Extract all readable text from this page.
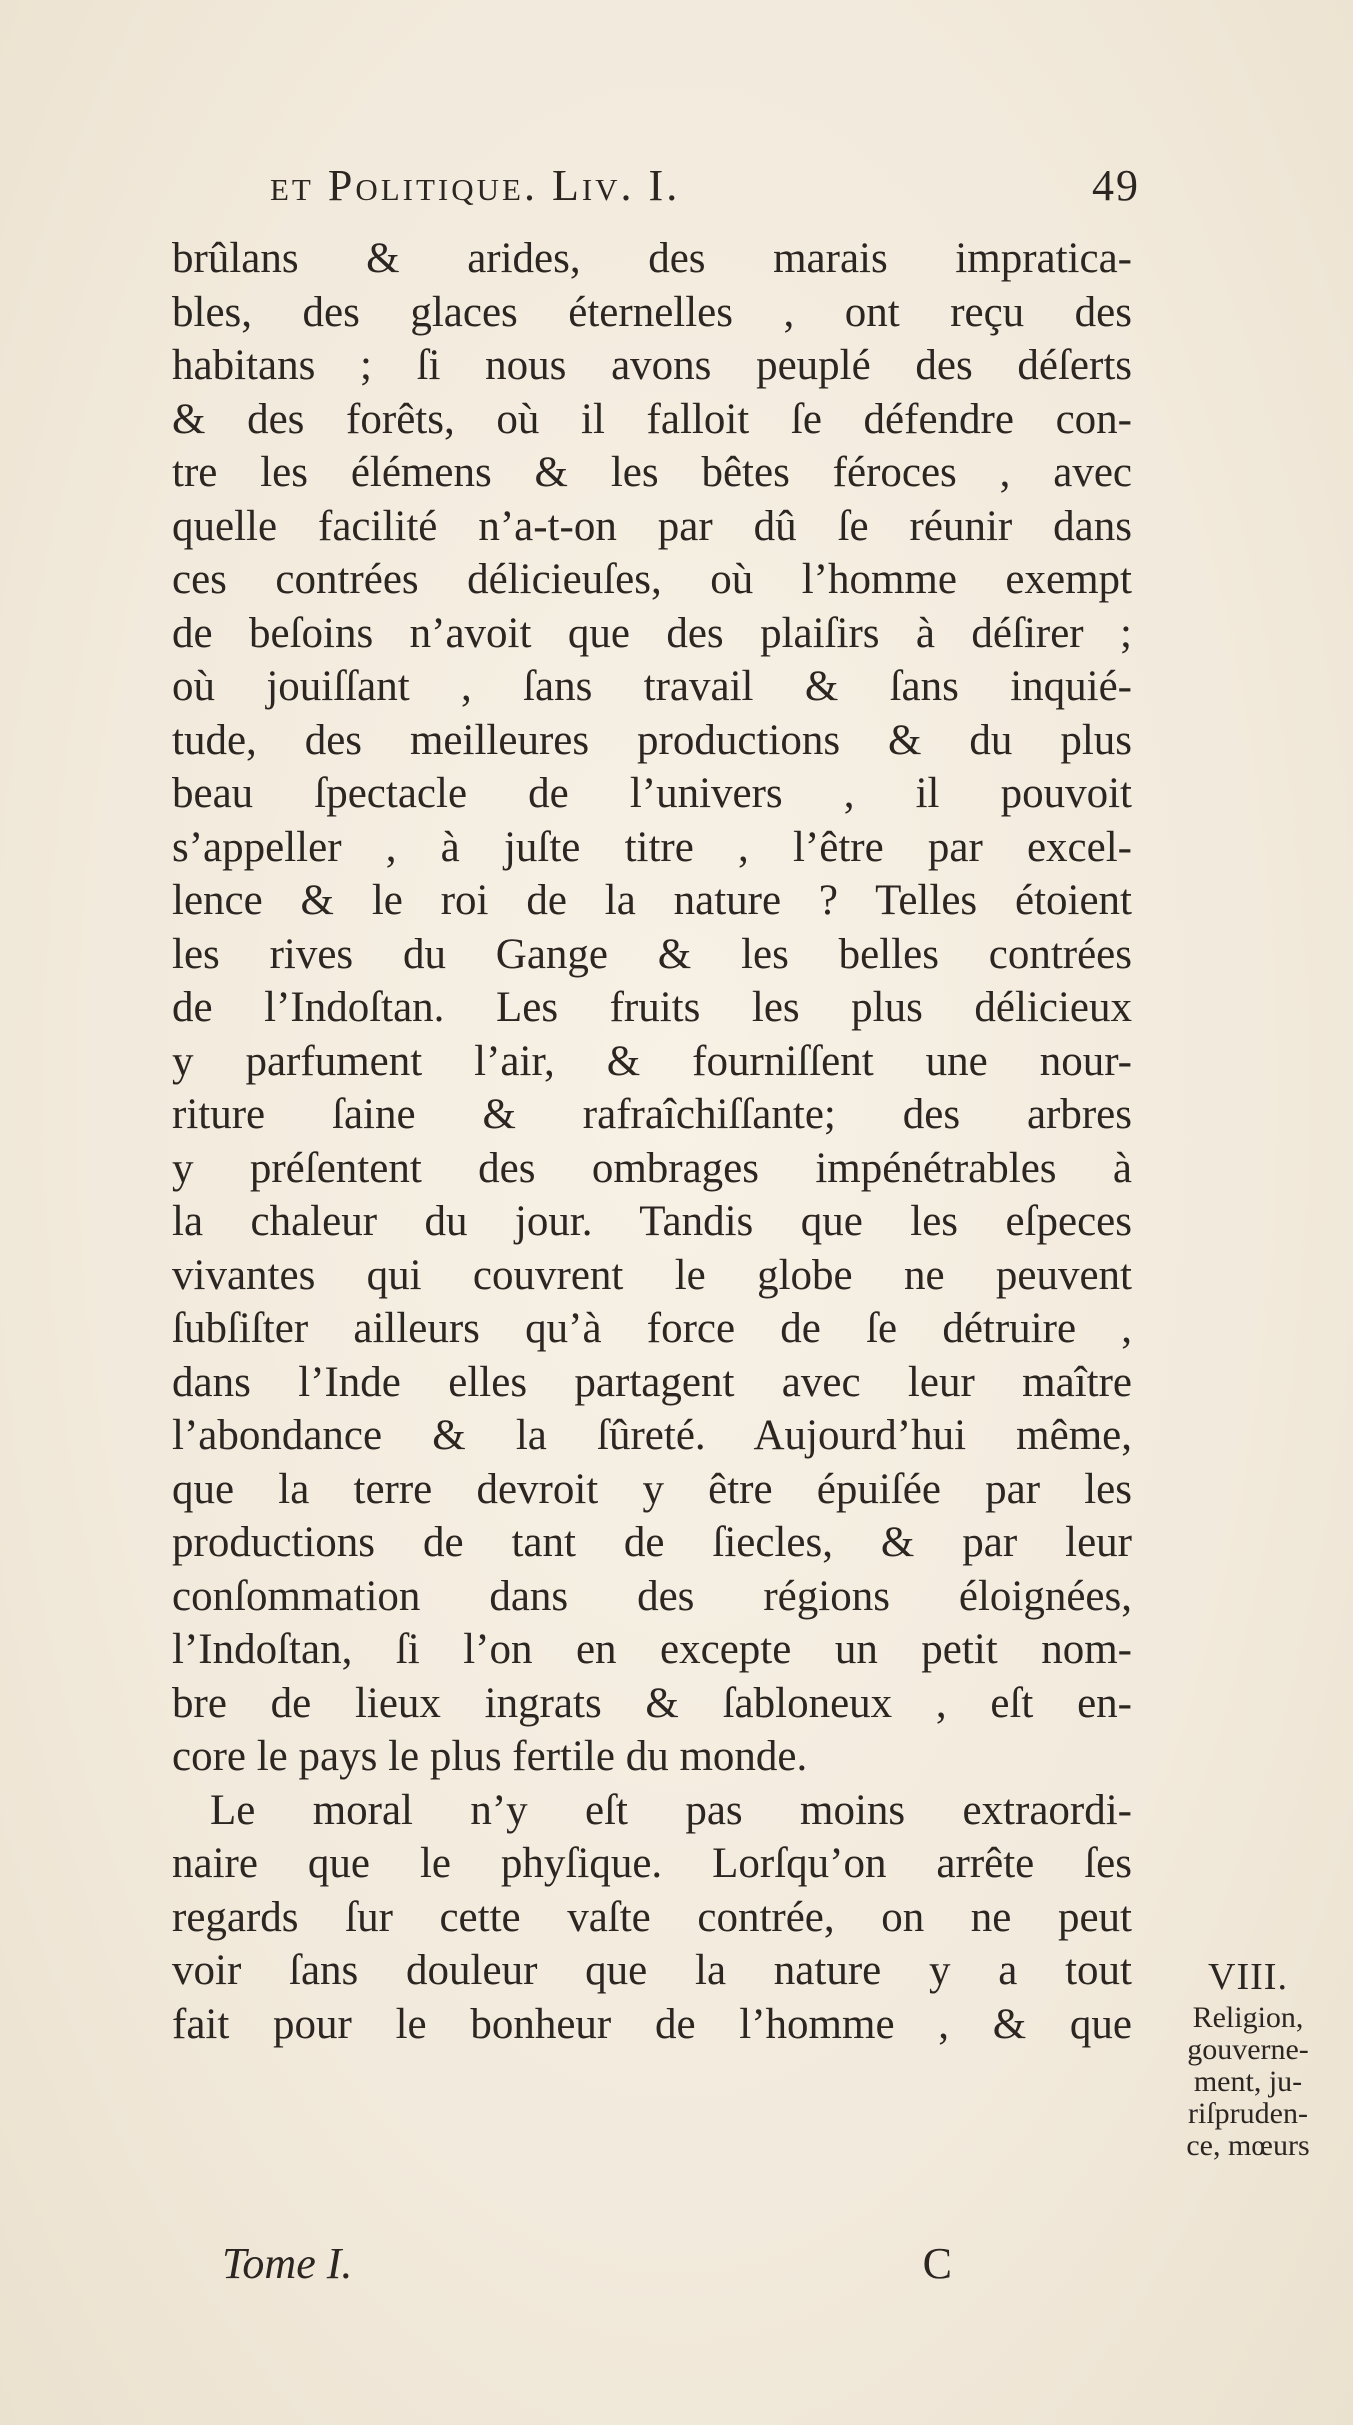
et Politique. Liv. I.	49
brûlans & arides, des marais impratica-
bles, des glaces éternelles , ont reçu des
habitans ; ſi nous avons peuplé des déſerts
& des forêts, où il falloit ſe défendre con-
tre les élémens & les bêtes féroces , avec
quelle facilité n’a-t-on par dû ſe réunir dans
ces contrées délicieuſes, où l’homme exempt
de beſoins n’avoit que des plaiſirs à déſirer ;
où jouiſſant , ſans travail & ſans inquié-
tude, des meilleures productions & du plus
beau ſpectacle de l’univers , il pouvoit
s’appeller , à juſte titre , l’être par excel-
lence & le roi de la nature ? Telles étoient
les rives du Gange & les belles contrées
de l’Indoſtan. Les fruits les plus délicieux
y parfument l’air, & fourniſſent une nour-
riture ſaine & rafraîchiſſante; des arbres
y préſentent des ombrages impénétrables à
la chaleur du jour. Tandis que les eſpeces
vivantes qui couvrent le globe ne peuvent
ſubſiſter ailleurs qu’à force de ſe détruire ,
dans l’Inde elles partagent avec leur maître
l’abondance & la ſûreté. Aujourd’hui même,
que la terre devroit y être épuiſée par les
productions de tant de ſiecles, & par leur
conſommation dans des régions éloignées,
l’Indoſtan, ſi l’on en excepte un petit nom-
bre de lieux ingrats & ſabloneux , eſt en-
core le pays le plus fertile du monde.
Le moral n’y eſt pas moins extraordi-
naire que le phyſique. Lorſqu’on arrête ſes
regards ſur cette vaſte contrée, on ne peut
voir ſans douleur que la nature y a tout
fait pour le bonheur de l’homme , & que
VIII.
Religion,
gouverne-
ment, ju-
riſpruden-
ce, mœurs
Tome I.	C
